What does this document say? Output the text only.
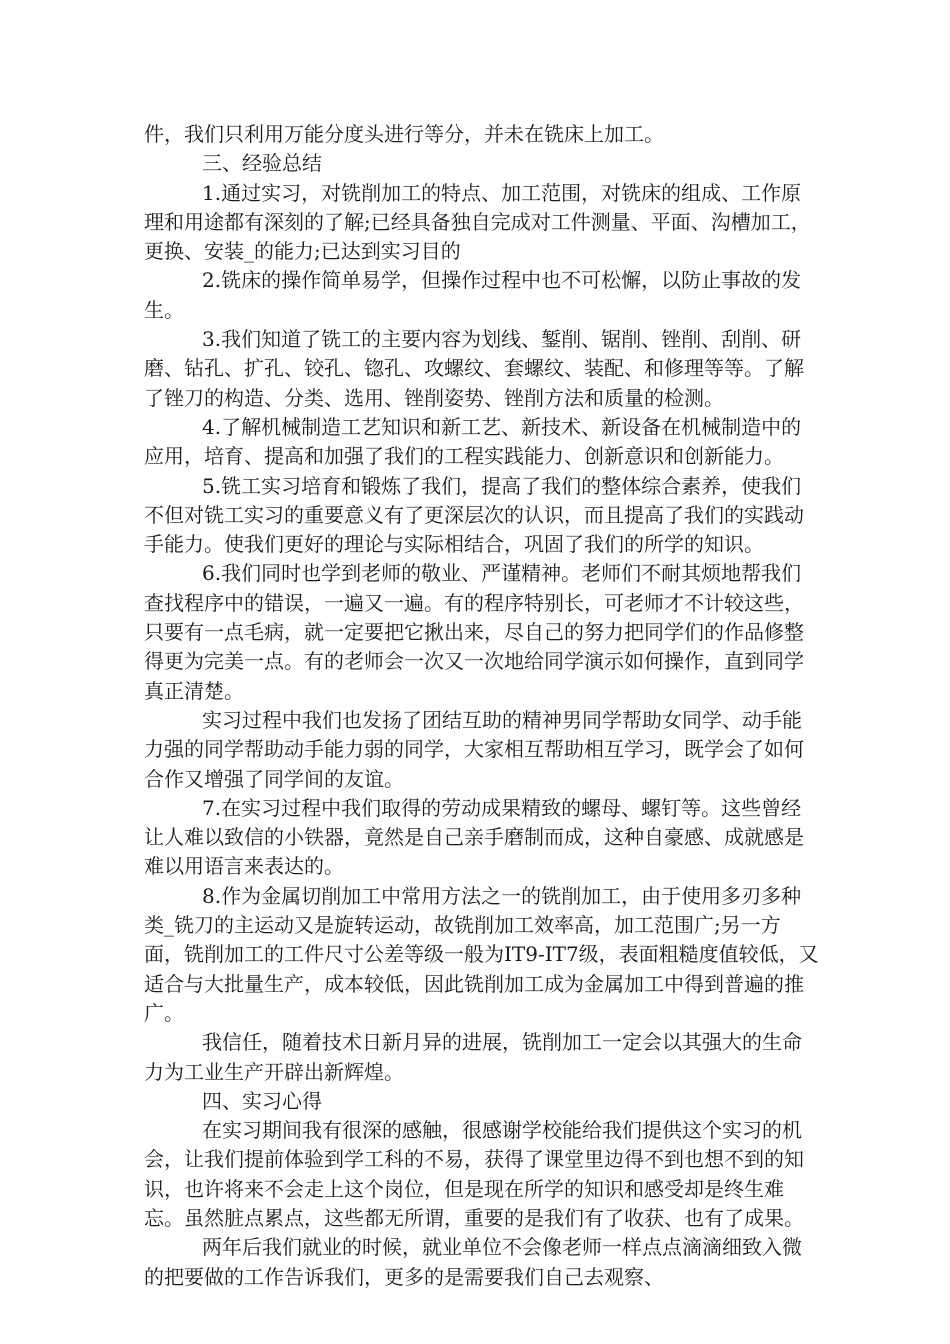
件，我们只利用万能分度头进行等分，并未在铣床上加工。

三、经验总结

1.通过实习，对铣削加工的特点、加工范围，对铣床的组成、工作原理和用途都有深刻的了解;已经具备独自完成对工件测量、平面、沟槽加工，更换、安装_的能力;已达到实习目的

2.铣床的操作简单易学，但操作过程中也不可松懈，以防止事故的发生。

3.我们知道了铣工的主要内容为划线、錾削、锯削、锉削、刮削、研磨、钻孔、扩孔、铰孔、锪孔、攻螺纹、套螺纹、装配、和修理等等。了解了锉刀的构造、分类、选用、锉削姿势、锉削方法和质量的检测。

4.了解机械制造工艺知识和新工艺、新技术、新设备在机械制造中的应用，培育、提高和加强了我们的工程实践能力、创新意识和创新能力。

5.铣工实习培育和锻炼了我们，提高了我们的整体综合素养，使我们不但对铣工实习的重要意义有了更深层次的认识，而且提高了我们的实践动手能力。使我们更好的理论与实际相结合，巩固了我们的所学的知识。

6.我们同时也学到老师的敬业、严谨精神。老师们不耐其烦地帮我们查找程序中的错误，一遍又一遍。有的程序特别长，可老师才不计较这些，只要有一点毛病，就一定要把它揪出来，尽自己的努力把同学们的作品修整得更为完美一点。有的老师会一次又一次地给同学演示如何操作，直到同学真正清楚。

实习过程中我们也发扬了团结互助的精神男同学帮助女同学、动手能力强的同学帮助动手能力弱的同学，大家相互帮助相互学习，既学会了如何合作又增强了同学间的友谊。

7.在实习过程中我们取得的劳动成果精致的螺母、螺钉等。这些曾经让人难以致信的小铁器，竟然是自己亲手磨制而成，这种自豪感、成就感是难以用语言来表达的。

8.作为金属切削加工中常用方法之一的铣削加工，由于使用多刃多种类_铣刀的主运动又是旋转运动，故铣削加工效率高，加工范围广;另一方面，铣削加工的工件尺寸公差等级一般为IT9-IT7级，表面粗糙度值较低，又适合与大批量生产，成本较低，因此铣削加工成为金属加工中得到普遍的推广。

我信任，随着技术日新月异的进展，铣削加工一定会以其强大的生命力为工业生产开辟出新辉煌。

四、实习心得

在实习期间我有很深的感触，很感谢学校能给我们提供这个实习的机会，让我们提前体验到学工科的不易，获得了课堂里边得不到也想不到的知识，也许将来不会走上这个岗位，但是现在所学的知识和感受却是终生难忘。虽然脏点累点，这些都无所谓，重要的是我们有了收获、也有了成果。

两年后我们就业的时候，就业单位不会像老师一样点点滴滴细致入微的把要做的工作告诉我们，更多的是需要我们自己去观察、
